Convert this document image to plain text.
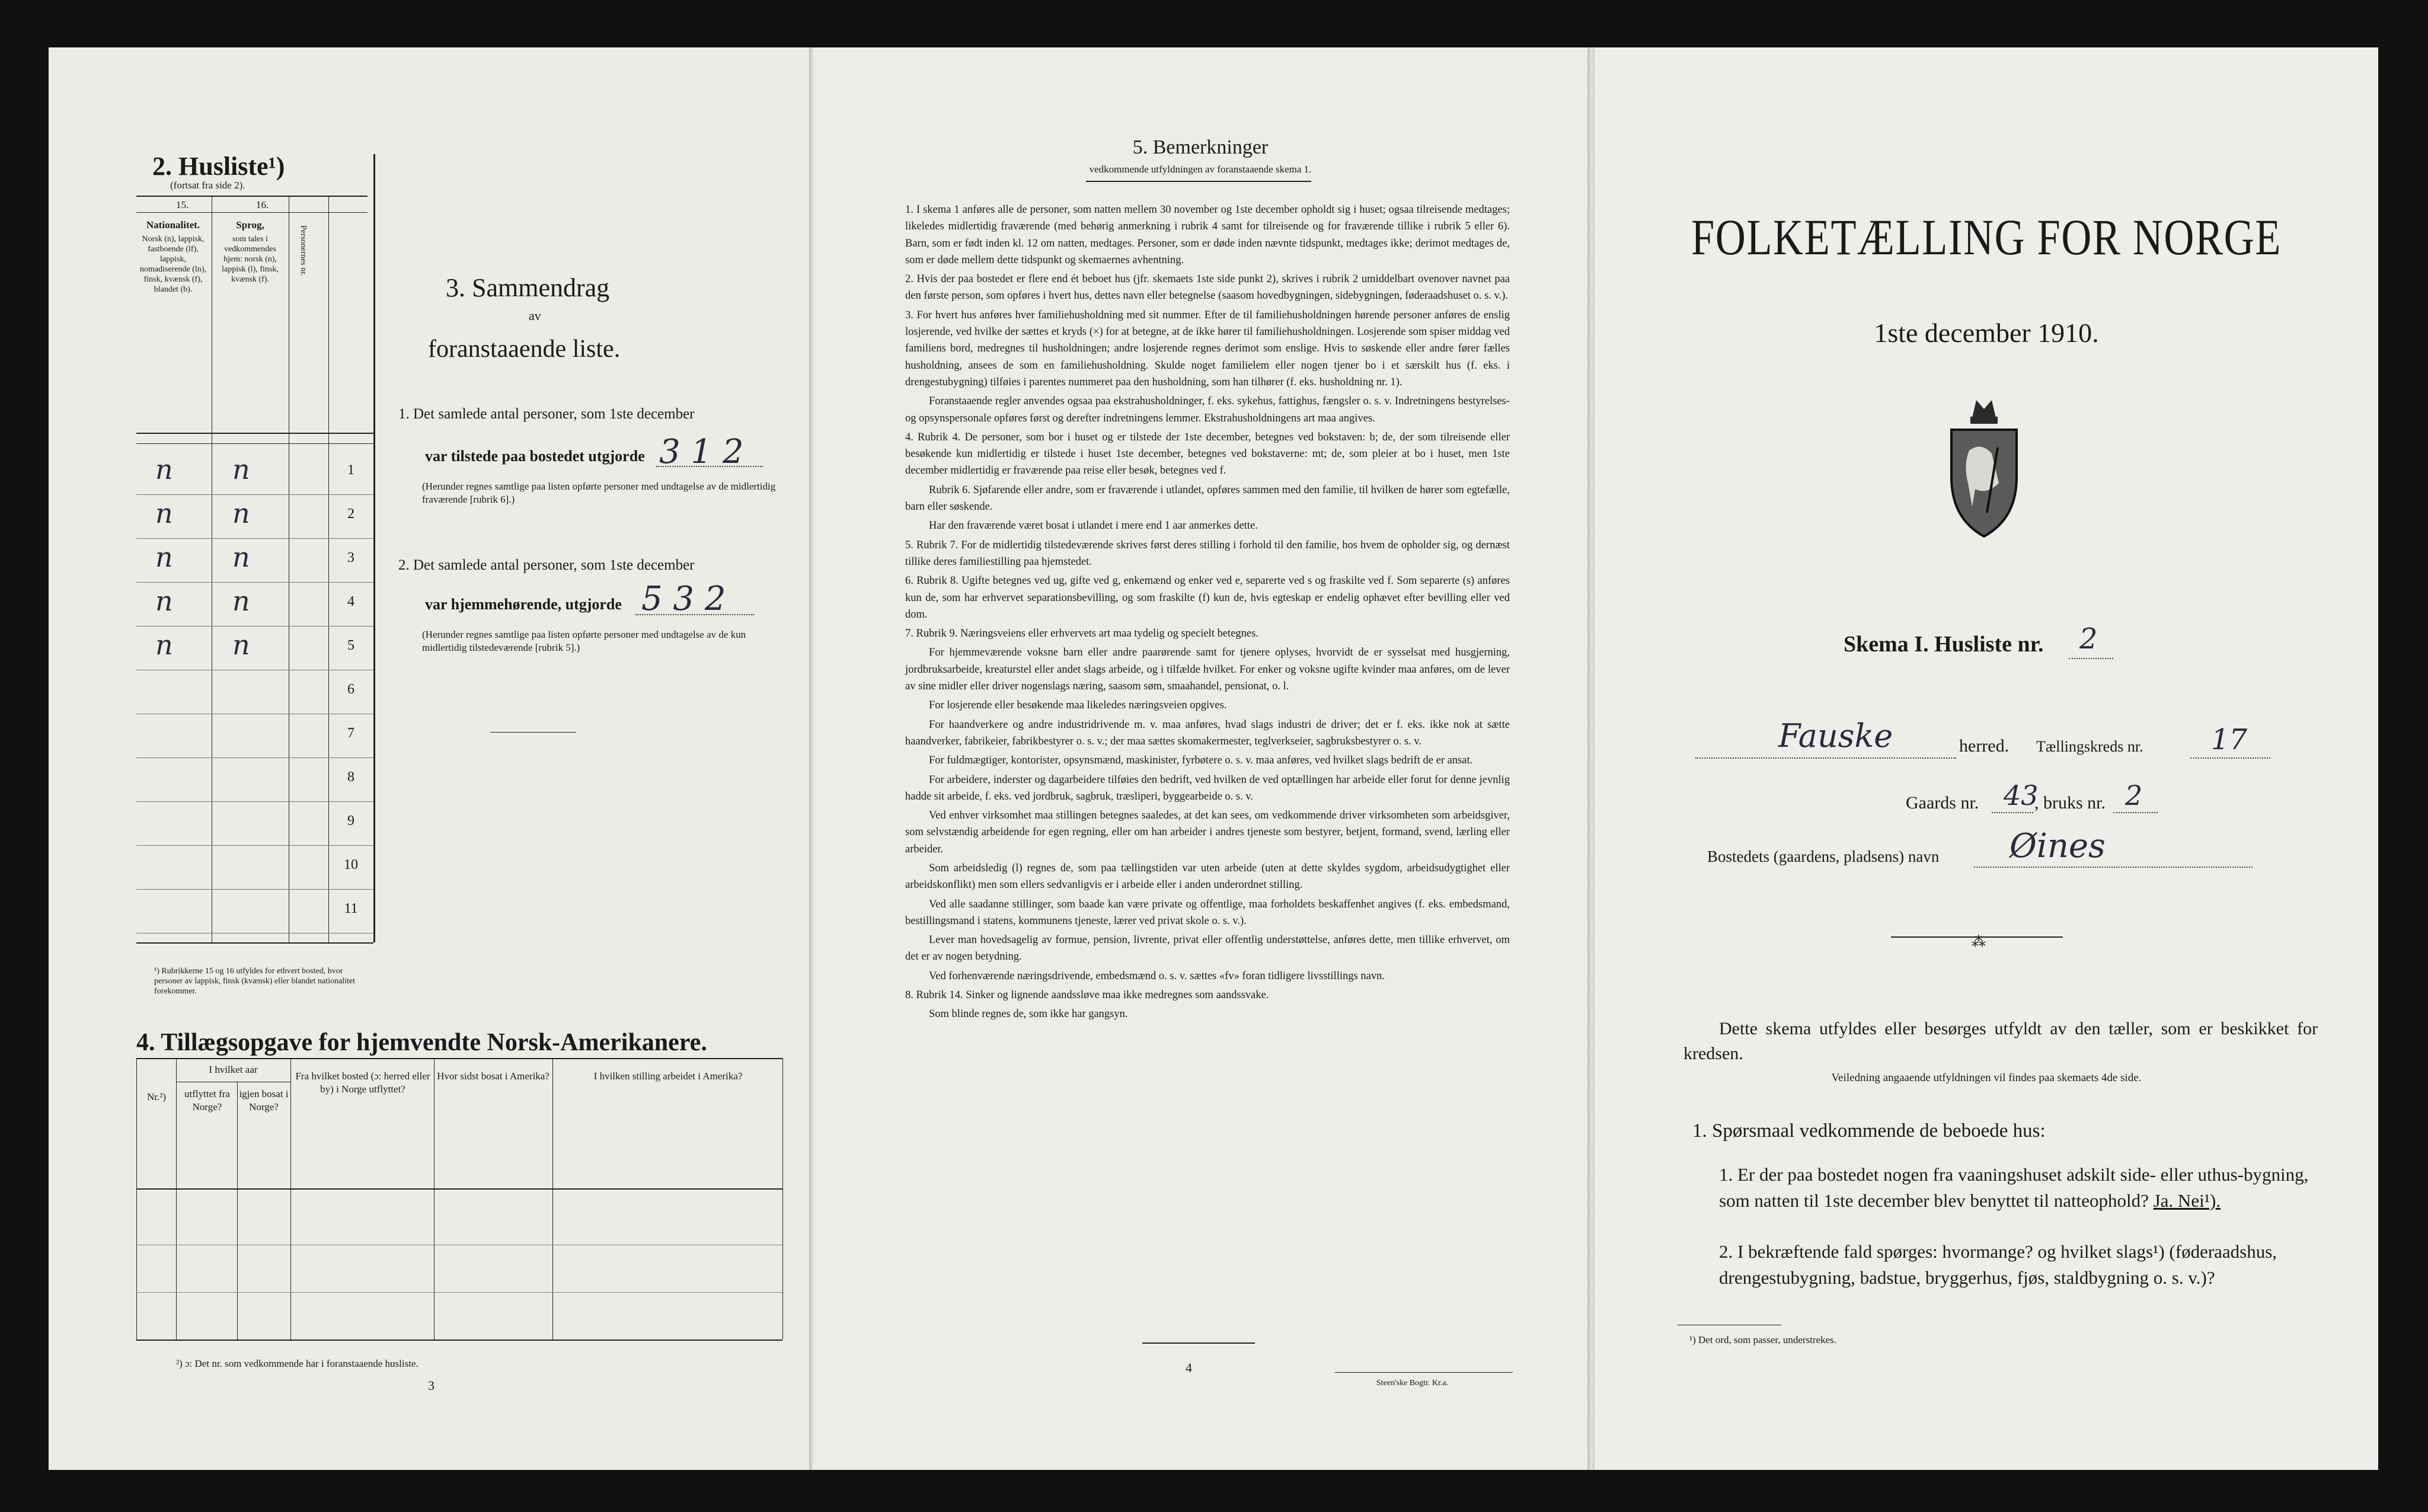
2. Husliste¹)
(fortsat fra side 2).
15.	16.
Nationalitet.
Norsk (n), lappisk, fastboende (lf), lappisk, nomadiserende (ln), finsk, kvænsk (f), blandet (b).
Sprog,
som tales i vedkommendes hjem: norsk (n), lappisk (l), finsk, kvænsk (f).
Personernes nr.
1
n n
2
n n
3
n n
4
n n
5
n n
6
7
8
9
10
11
¹) Rubrikkerne 15 og 16 utfyldes for ethvert bosted, hvor personer av lappisk, finsk (kvænsk) eller blandet nationalitet forekommer.
3. Sammendrag
av
foranstaaende liste.
1. Det samlede antal personer, som 1ste december
var tilstede paa bostedet utgjorde 3 1 2
(Herunder regnes samtlige paa listen opførte personer med undtagelse av de midlertidig fraværende [rubrik 6].)
2. Det samlede antal personer, som 1ste december
var hjemmehørende, utgjorde 5 3 2
(Herunder regnes samtlige paa listen opførte personer med undtagelse av de kun midlertidig tilstedeværende [rubrik 5].)
4. Tillægsopgave for hjemvendte Norsk-Amerikanere.
Nr.²)
I hvilket aar
utflyttet fra Norge?
igjen bosat i Norge?
Fra hvilket bosted (ɔ: herred eller by) i Norge utflyttet?
Hvor sidst bosat i Amerika?	I hvilken stilling arbeidet i Amerika?
²) ɔ: Det nr. som vedkommende har i foranstaaende husliste.
3
5. Bemerkninger
vedkommende utfyldningen av foranstaaende skema 1.

1. I skema 1 anføres alle de personer, som natten mellem 30 november og 1ste december opholdt sig i huset; ogsaa tilreisende medtages; likeledes midlertidig fraværende (med behørig anmerkning i rubrik 4 samt for tilreisende og for fraværende tillike i rubrik 5 eller 6). Barn, som er født inden kl. 12 om natten, medtages. Personer, som er døde inden nævnte tidspunkt, medtages ikke; derimot medtages de, som er døde mellem dette tidspunkt og skemaernes avhentning.

2. Hvis der paa bostedet er flere end ét beboet hus (jfr. skemaets 1ste side punkt 2), skrives i rubrik 2 umiddelbart ovenover navnet paa den første person, som opføres i hvert hus, dettes navn eller betegnelse (saasom hovedbygningen, sidebygningen, føderaadshuset o. s. v.).

3. For hvert hus anføres hver familiehusholdning med sit nummer. Efter de til familiehusholdningen hørende personer anføres de enslig losjerende, ved hvilke der sættes et kryds (×) for at betegne, at de ikke hører til familiehusholdningen. Losjerende som spiser middag ved familiens bord, medregnes til husholdningen; andre losjerende regnes derimot som enslige. Hvis to søskende eller andre fører fælles husholdning, ansees de som en familiehusholdning. Skulde noget familielem eller nogen tjener bo i et særskilt hus (f. eks. i drengestubygning) tilføies i parentes nummeret paa den husholdning, som han tilhører (f. eks. husholdning nr. 1).

Foranstaaende regler anvendes ogsaa paa ekstrahusholdninger, f. eks. sykehus, fattighus, fængsler o. s. v. Indretningens bestyrelses- og opsynspersonale opføres først og derefter indretningens lemmer. Ekstrahusholdningens art maa angives.

4. Rubrik 4. De personer, som bor i huset og er tilstede der 1ste december, betegnes ved bokstaven: b; de, der som tilreisende eller besøkende kun midlertidig er tilstede i huset 1ste december, betegnes ved bokstaverne: mt; de, som pleier at bo i huset, men 1ste december midlertidig er fraværende paa reise eller besøk, betegnes ved f.

Rubrik 6. Sjøfarende eller andre, som er fraværende i utlandet, opføres sammen med den familie, til hvilken de hører som egtefælle, barn eller søskende.

Har den fraværende været bosat i utlandet i mere end 1 aar anmerkes dette.

5. Rubrik 7. For de midlertidig tilstedeværende skrives først deres stilling i forhold til den familie, hos hvem de opholder sig, og dernæst tillike deres familiestilling paa hjemstedet.

6. Rubrik 8. Ugifte betegnes ved ug, gifte ved g, enkemænd og enker ved e, separerte ved s og fraskilte ved f. Som separerte (s) anføres kun de, som har erhvervet separationsbevilling, og som fraskilte (f) kun de, hvis egteskap er endelig ophævet efter bevilling eller ved dom.

7. Rubrik 9. Næringsveiens eller erhvervets art maa tydelig og specielt betegnes.

For hjemmeværende voksne barn eller andre paarørende samt for tjenere oplyses, hvorvidt de er sysselsat med husgjerning, jordbruksarbeide, kreaturstel eller andet slags arbeide, og i tilfælde hvilket. For enker og voksne ugifte kvinder maa anføres, om de lever av sine midler eller driver nogenslags næring, saasom søm, smaahandel, pensionat, o. l.

For losjerende eller besøkende maa likeledes næringsveien opgives.

For haandverkere og andre industridrivende m. v. maa anføres, hvad slags industri de driver; det er f. eks. ikke nok at sætte haandverker, fabrikeier, fabrikbestyrer o. s. v.; der maa sættes skomakermester, teglverkseier, sagbruksbestyrer o. s. v.

For fuldmægtiger, kontorister, opsynsmænd, maskinister, fyrbøtere o. s. v. maa anføres, ved hvilket slags bedrift de er ansat.

For arbeidere, inderster og dagarbeidere tilføies den bedrift, ved hvilken de ved optællingen har arbeide eller forut for denne jevnlig hadde sit arbeide, f. eks. ved jordbruk, sagbruk, træsliperi, byggearbeide o. s. v.

Ved enhver virksomhet maa stillingen betegnes saaledes, at det kan sees, om vedkommende driver virksomheten som arbeidsgiver, som selvstændig arbeidende for egen regning, eller om han arbeider i andres tjeneste som bestyrer, betjent, formand, svend, lærling eller arbeider.

Som arbeidsledig (l) regnes de, som paa tællingstiden var uten arbeide (uten at dette skyldes sygdom, arbeidsudygtighet eller arbeidskonflikt) men som ellers sedvanligvis er i arbeide eller i anden underordnet stilling.

Ved alle saadanne stillinger, som baade kan være private og offentlige, maa forholdets beskaffenhet angives (f. eks. embedsmand, bestillingsmand i statens, kommunens tjeneste, lærer ved privat skole o. s. v.).

Lever man hovedsagelig av formue, pension, livrente, privat eller offentlig understøttelse, anføres dette, men tillike erhvervet, om det er av nogen betydning.

Ved forhenværende næringsdrivende, embedsmænd o. s. v. sættes «fv» foran tidligere livsstillings navn.

8. Rubrik 14. Sinker og lignende aandssløve maa ikke medregnes som aandssvake.

Som blinde regnes de, som ikke har gangsyn.

4
Steen'ske Bogtr. Kr.a.
FOLKETÆLLING FOR NORGE
1ste december 1910.
Skema I. Husliste nr. 2
Fauske	herred. Tællingskreds nr. 17
Gaards nr. 43
, bruks nr. 2
Bostedets (gaardens, pladsens) navn Øines
⁂
Dette skema utfyldes eller besørges utfyldt av den tæller, som er beskikket for kredsen.
Veiledning angaaende utfyldningen vil findes paa skemaets 4de side.
1. Spørsmaal vedkommende de beboede hus:
1. Er der paa bostedet nogen fra vaaningshuset adskilt side- eller uthus-bygning, som natten til 1ste december blev benyttet til natteophold? Ja. Nei¹).
2. I bekræftende fald spørges: hvormange? og hvilket slags¹) (føderaadshus, drengestubygning, badstue, bryggerhus, fjøs, staldbygning o. s. v.)?
¹) Det ord, som passer, understrekes.
